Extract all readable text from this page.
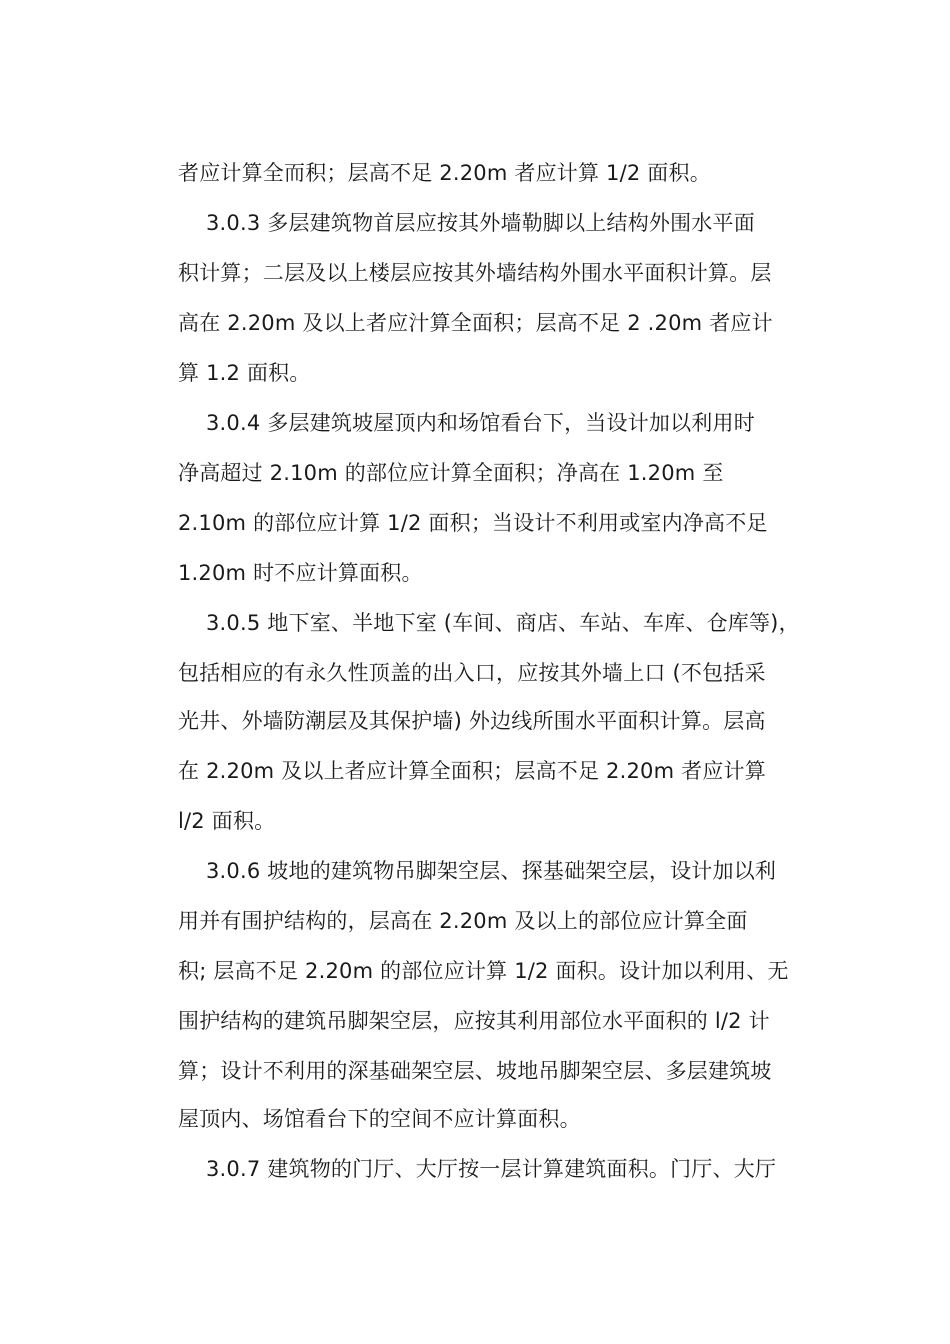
者应计算全而积；层高不足 2.20m 者应计算 1/2 面积。
3.0.3 多层建筑物首层应按其外墙勒脚以上结构外围水平面
积计算；二层及以上楼层应按其外墙结构外围水平面积计算。层
高在 2.20m 及以上者应汁算全面积；层高不足 2 .20m 者应计
算 1.2 面积。
3.0.4 多层建筑坡屋顶内和场馆看台下，当设计加以利用时
净高超过 2.10m 的部位应计算全面积；净高在 1.20m 至
2.10m 的部位应计算 1/2 面积；当设计不利用或室内净高不足
1.20m 时不应计算面积。
3.0.5 地下室、半地下室 (车间、商店、车站、车库、仓库等)，
包括相应的有永久性顶盖的出入口，应按其外墙上口 (不包括采
光井、外墙防潮层及其保护墙) 外边线所围水平面积计算。层高
在 2.20m 及以上者应计算全面积；层高不足 2.20m 者应计算
l/2 面积。
3.0.6 坡地的建筑物吊脚架空层、探基础架空层，设计加以利
用并有围护结构的，层高在 2.20m 及以上的部位应计算全面
积; 层高不足 2.20m 的部位应计算 1/2 面积。设计加以利用、无
围护结构的建筑吊脚架空层，应按其利用部位水平面积的 l/2 计
算；设计不利用的深基础架空层、坡地吊脚架空层、多层建筑坡
屋顶内、场馆看台下的空间不应计算面积。
3.0.7 建筑物的门厅、大厅按一层计算建筑面积。门厅、大厅
